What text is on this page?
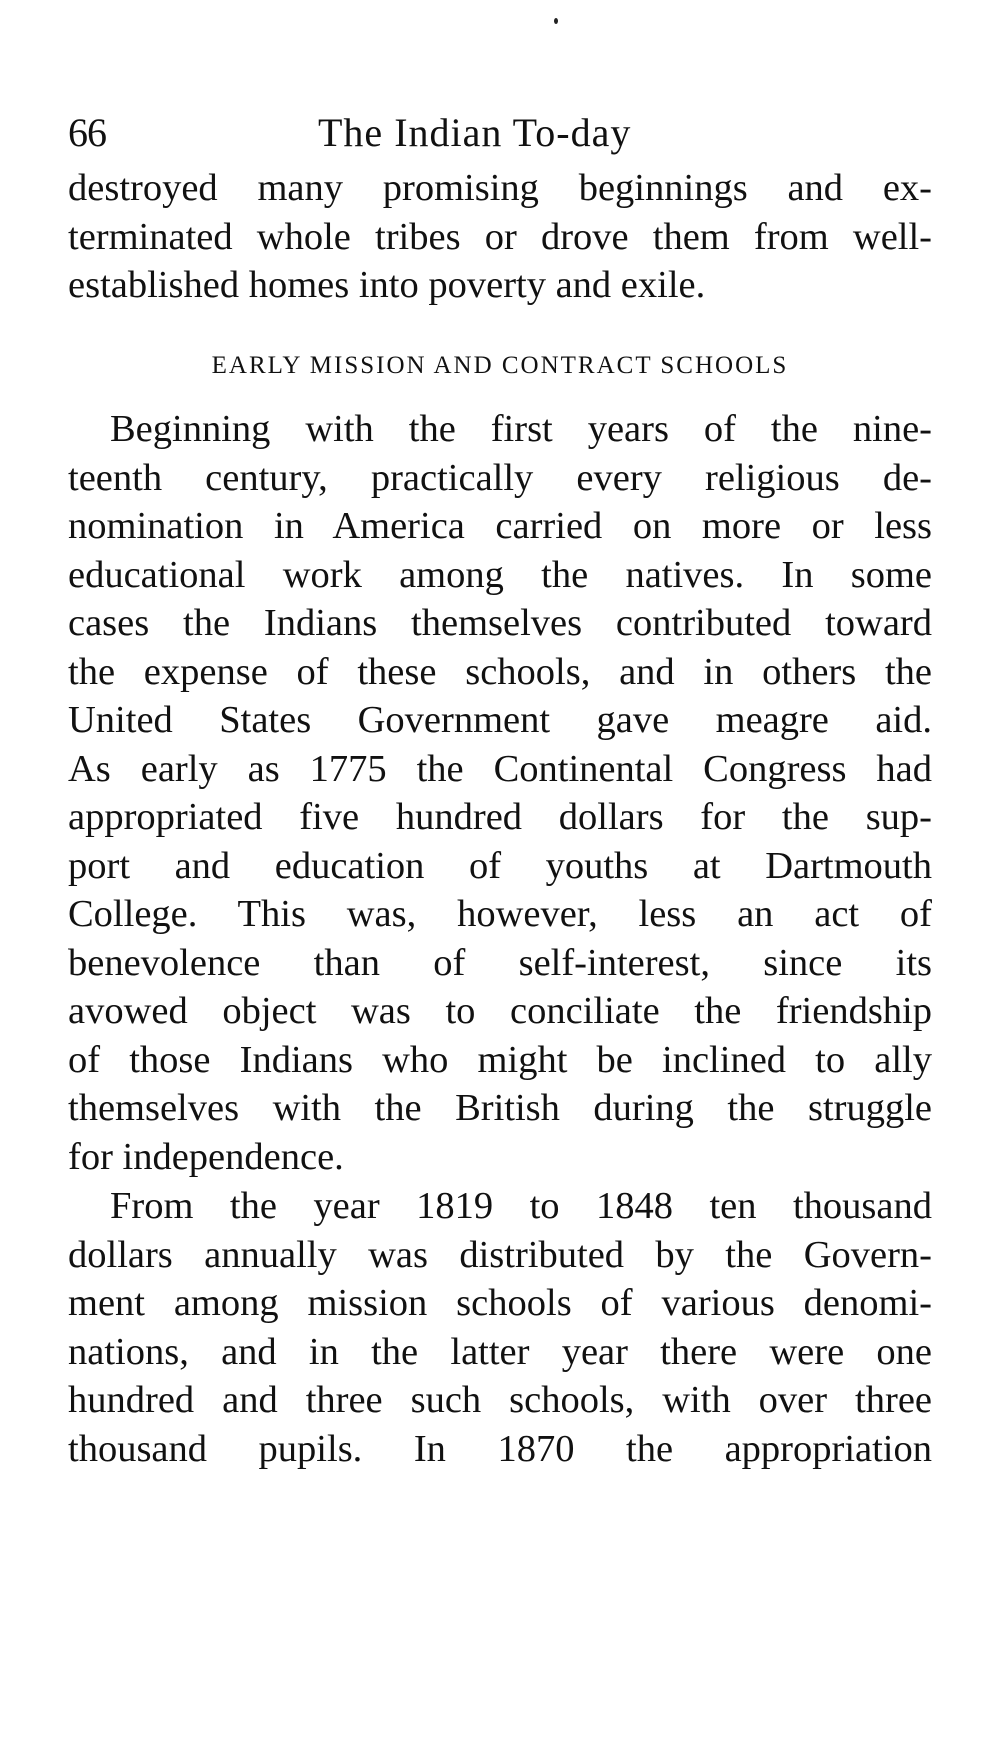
66	The Indian To-day
destroyed many promising beginnings and ex-
terminated whole tribes or drove them from well-
established homes into poverty and exile.
EARLY MISSION AND CONTRACT SCHOOLS
Beginning with the first years of the nine-
teenth century, practically every religious de-
nomination in America carried on more or less
educational work among the natives. In some
cases the Indians themselves contributed toward
the expense of these schools, and in others the
United States Government gave meagre aid.
As early as 1775 the Continental Congress had
appropriated five hundred dollars for the sup-
port and education of youths at Dartmouth
College. This was, however, less an act of
benevolence than of self-interest, since its
avowed object was to conciliate the friendship
of those Indians who might be inclined to ally
themselves with the British during the struggle
for independence.
From the year 1819 to 1848 ten thousand
dollars annually was distributed by the Govern-
ment among mission schools of various denomi-
nations, and in the latter year there were one
hundred and three such schools, with over three
thousand pupils. In 1870 the appropriation
